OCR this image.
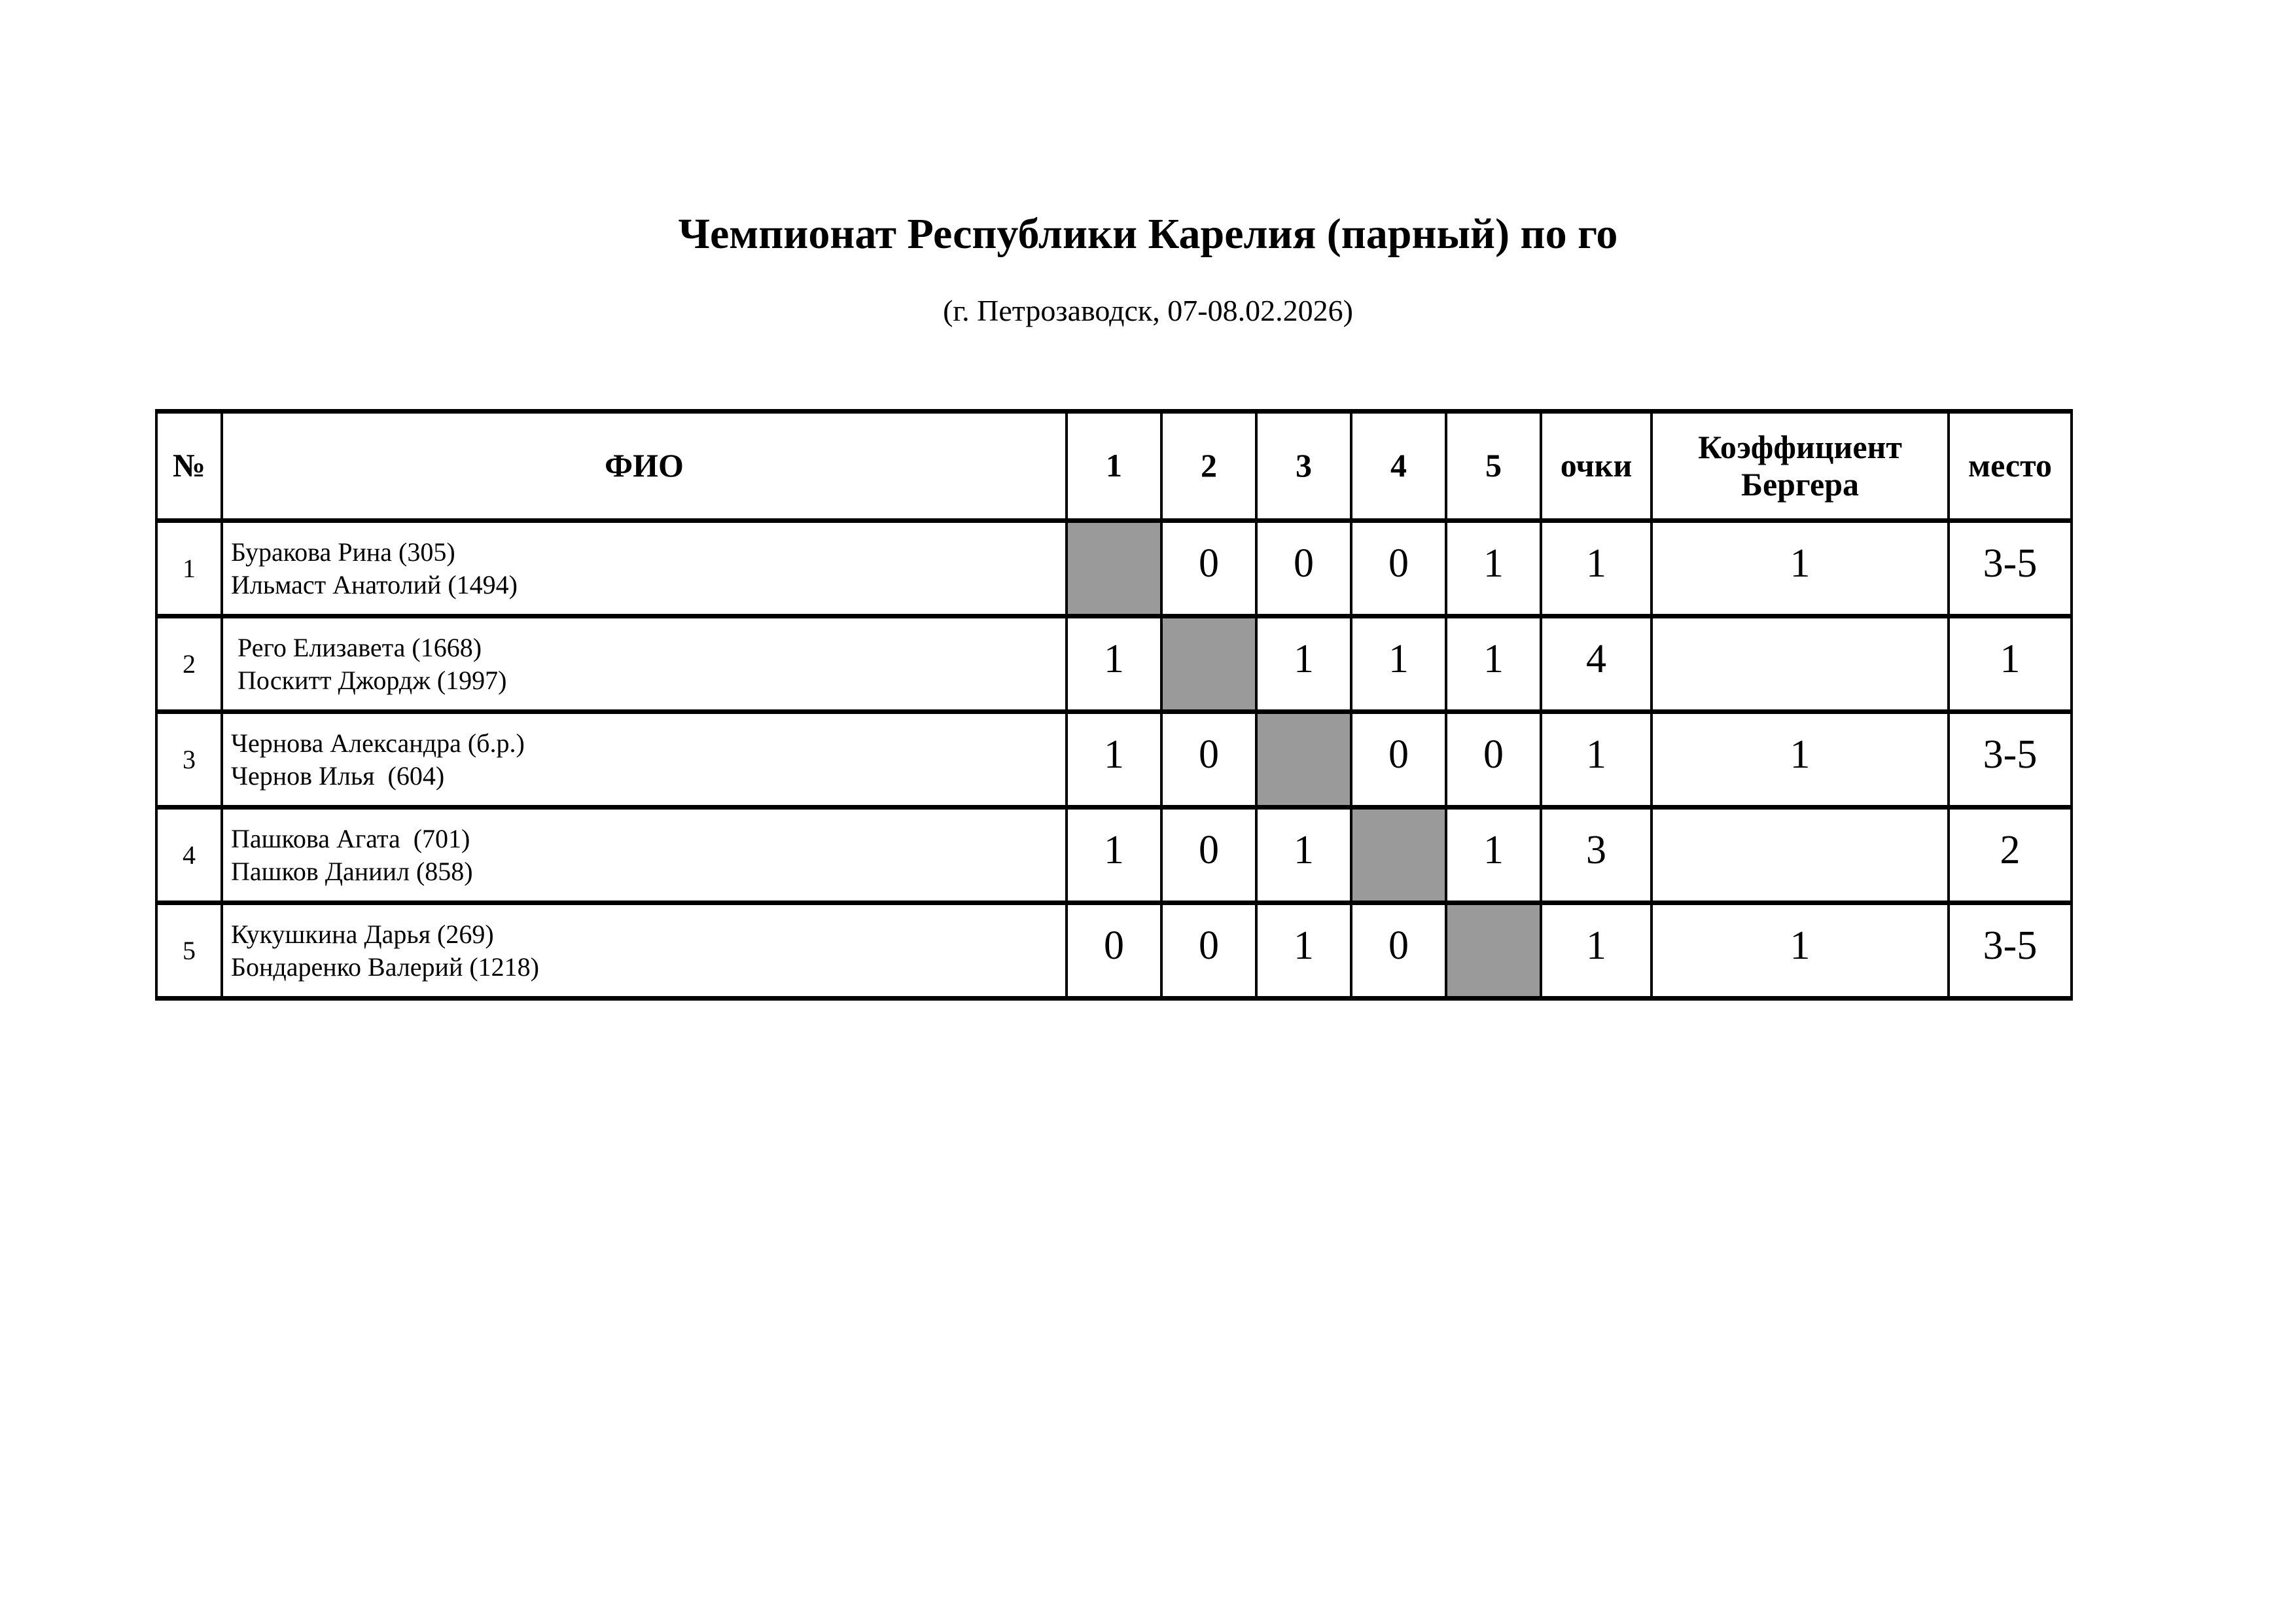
Чемпионат Республики Карелия (парный) по го
(г. Петрозаводск, 07-08.02.2026)
№	ФИО	1	2	3	4	5	очки	Коэффициент Бергера	место
1	Буракова Рина (305)
Ильмаст Анатолий (1494)		0	0	0	1	1	1	3-5
2	Рего Елизавета (1668)
Поскитт Джордж (1997)	1		1	1	1	4		1
3	Чернова Александра (б.р.)
Чернов Илья  (604)	1	0		0	0	1	1	3-5
4	Пашкова Агата  (701)
Пашков Даниил (858)	1	0	1		1	3		2
5	Кукушкина Дарья (269)
Бондаренко Валерий (1218)	0	0	1	0		1	1	3-5
